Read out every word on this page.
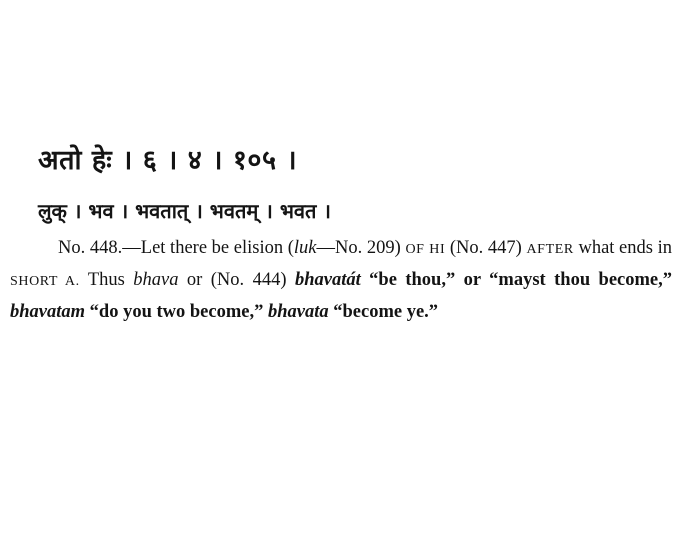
अतो हेः । ६ । ४ । १०५ ।
लुक् । भव । भवतात् । भवतम् । भवत ।
No. 448.—Let there be elision (luk—No. 209) OF HI (No. 447) AFTER what ends in SHORT A. Thus bhava or (No. 444) bhavatát “be thou,” or “mayst thou become,” bhavatam “do you two become,” bhavata “become ye.”
